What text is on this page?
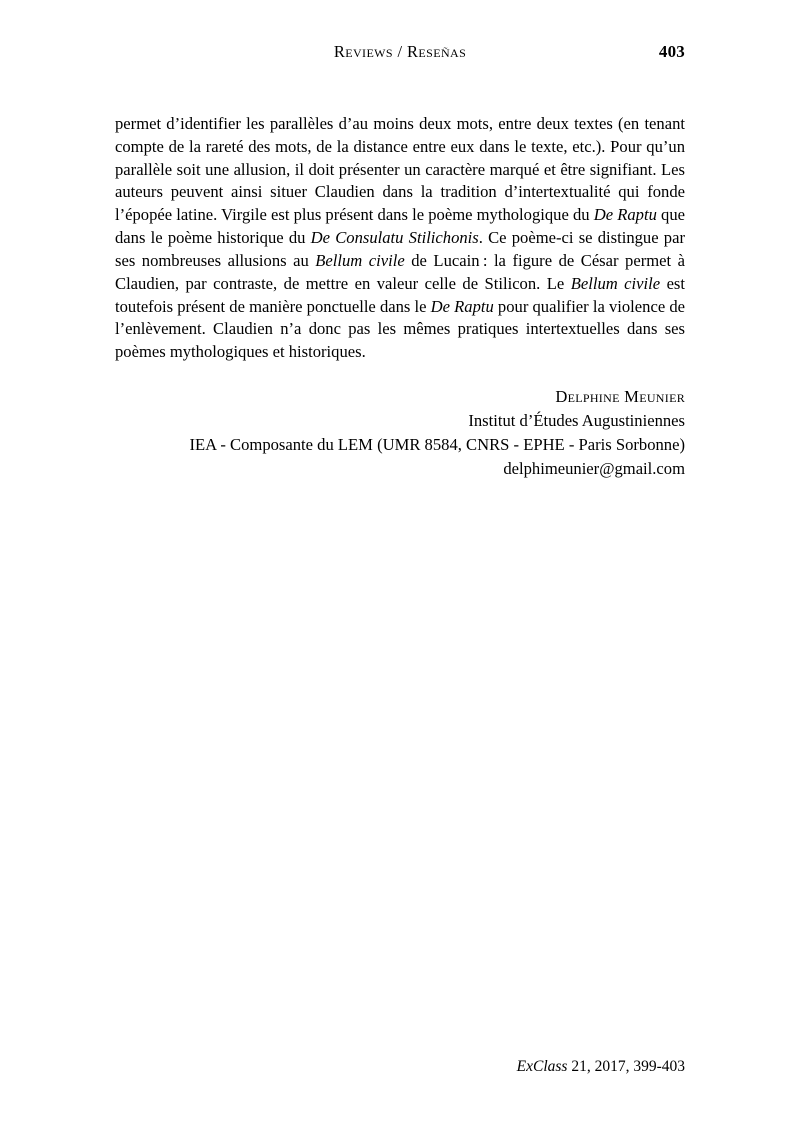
Reviews / Reseñas	403

permet d’identifier les parallèles d’au moins deux mots, entre deux textes (en tenant compte de la rareté des mots, de la distance entre eux dans le texte, etc.). Pour qu’un parallèle soit une allusion, il doit présenter un caractère marqué et être signifiant. Les auteurs peuvent ainsi situer Claudien dans la tradition d’intertextualité qui fonde l’épopée latine. Virgile est plus présent dans le poème mythologique du De Raptu que dans le poème historique du De Consulatu Stilichonis. Ce poème-ci se distingue par ses nombreuses allusions au Bellum civile de Lucain : la figure de César permet à Claudien, par contraste, de mettre en valeur celle de Stilicon. Le Bellum civile est toutefois présent de manière ponctuelle dans le De Raptu pour qualifier la violence de l’enlèvement. Claudien n’a donc pas les mêmes pratiques intertextuelles dans ses poèmes mythologiques et historiques.

Delphine Meunier
Institut d’Études Augustiniennes
IEA - Composante du LEM (UMR 8584, CNRS - EPHE - Paris Sorbonne)
delphimeunier@gmail.com
ExClass 21, 2017, 399-403
